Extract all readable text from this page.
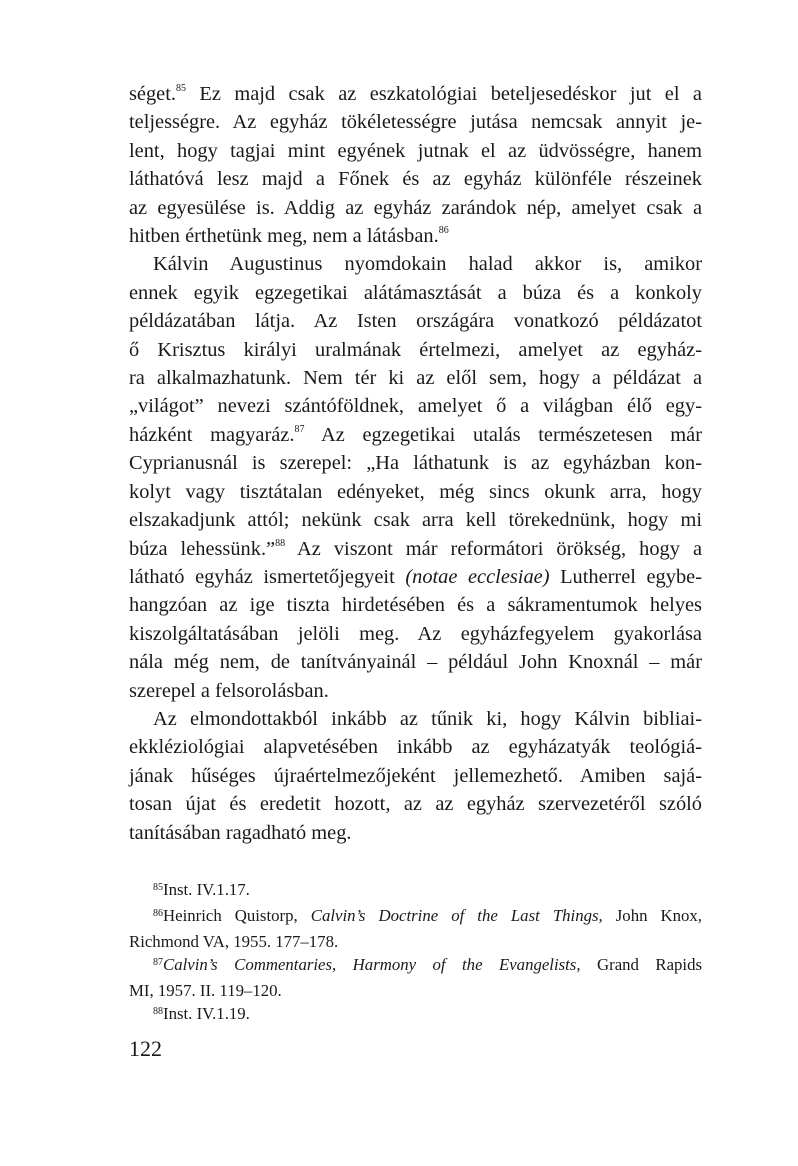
séget.$^{85}$ Ez majd csak az eszkatológiai beteljesedéskor jut el a
teljességre. Az egyház tökéletességre jutása nemcsak annyit je-
lent, hogy tagjai mint egyének jutnak el az üdvösségre, hanem
láthatóvá lesz majd a Főnek és az egyház különféle részeinek
az egyesülése is. Addig az egyház zarándok nép, amelyet csak a
hitben érthetünk meg, nem a látásban.$^{86}$
Kálvin Augustinus nyomdokain halad akkor is, amikor
ennek egyik egzegetikai alátámasztását a búza és a konkoly
példázatában látja. Az Isten országára vonatkozó példázatot
ő Krisztus királyi uralmának értelmezi, amelyet az egyház-
ra alkalmazhatunk. Nem tér ki az elől sem, hogy a példázat a
„világot” nevezi szántóföldnek, amelyet ő a világban élő egy-
házként magyaráz.$^{87}$ Az egzegetikai utalás természetesen már
Cyprianusnál is szerepel: „Ha láthatunk is az egyházban kon-
kolyt vagy tisztátalan edényeket, még sincs okunk arra, hogy
elszakadjunk attól; nekünk csak arra kell törekednünk, hogy mi
búza lehessünk.”$^{88}$ Az viszont már reformátori örökség, hogy a
látható egyház ismertetőjegyeit (notae ecclesiae) Lutherrel egybe-
hangzóan az ige tiszta hirdetésében és a sákramentumok helyes
kiszolgáltatásában jelöli meg. Az egyházfegyelem gyakorlása
nála még nem, de tanítványainál – például John Knoxnál – már
szerepel a felsorolásban.
Az elmondottakból inkább az tűnik ki, hogy Kálvin bibliai-
ekkléziológiai alapvetésében inkább az egyházatyák teológiá-
jának hűséges újraértelmezőjeként jellemezhető. Amiben sajá-
tosan újat és eredetit hozott, az az egyház szervezetéről szóló
tanításában ragadható meg.
$^{85}$Inst. IV.1.17.
$^{86}$Heinrich Quistorp, Calvin’s Doctrine of the Last Things, John Knox,
Richmond VA, 1955. 177–178.
$^{87}$Calvin’s Commentaries, Harmony of the Evangelists, Grand Rapids
MI, 1957. II. 119–120.
$^{88}$Inst. IV.1.19.
122
